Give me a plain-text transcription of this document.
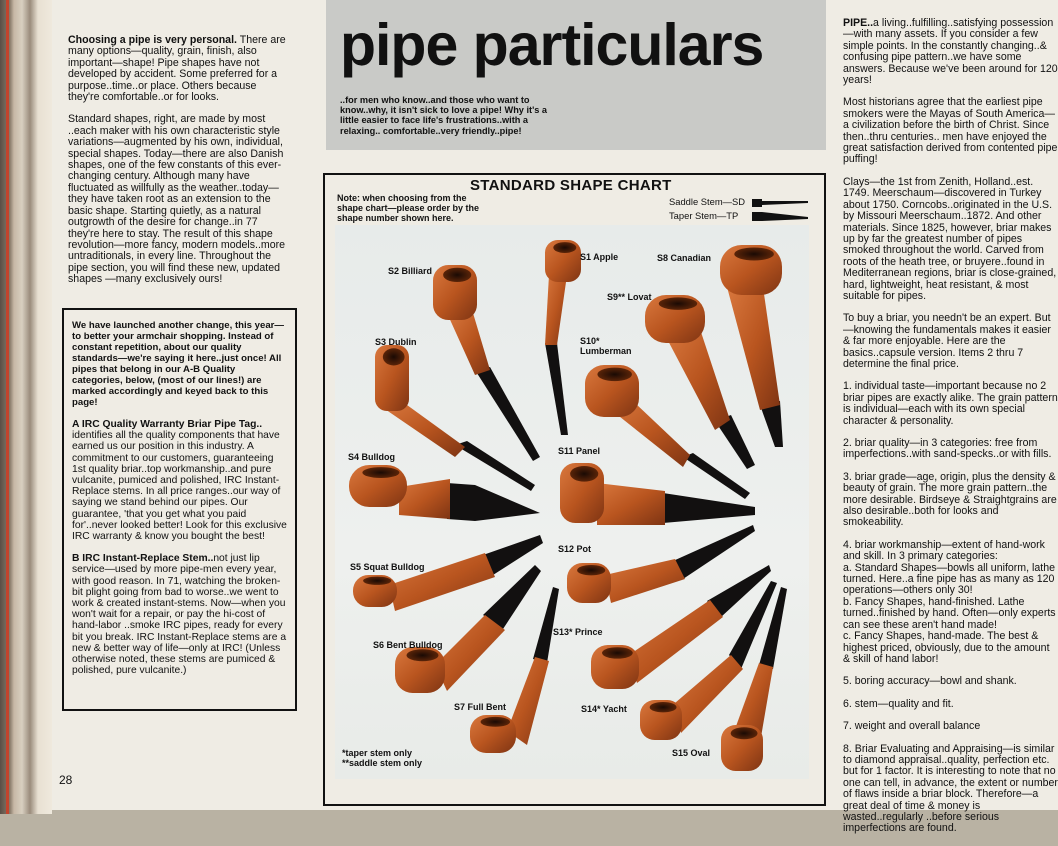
Choosing a pipe is very personal. There are many options—quality, grain, finish, also important—shape! Pipe shapes have not developed by accident. Some preferred for a purpose..time..or place. Others because they're comfortable..or for looks.

Standard shapes, right, are made by most ..each maker with his own characteristic style variations—augmented by his own, individual, special shapes. Today—there are also Danish shapes, one of the few constants of this ever-changing century. Although many have fluctuated as willfully as the weather..today—they have taken root as an extension to the basic shape. Starting quietly, as a natural outgrowth of the desire for change..in 77 they're here to stay. The result of this shape revolution—more fancy, modern models..more untraditionals, in every line. Throughout the pipe section, you will find these new, updated shapes —many exclusively ours!

We have launched another change, this year—to better your armchair shopping. Instead of constant repetition, about our quality standards—we're saying it here..just once! All pipes that belong in our A-B Quality categories, below, (most of our lines!) are marked accordingly and keyed back to this page!

A IRC Quality Warranty Briar Pipe Tag.. identifies all the quality components that have earned us our position in this industry. A commitment to our customers, guaranteeing 1st quality briar..top workmanship..and pure vulcanite, pumiced and polished, IRC Instant-Replace stems. In all price ranges..our way of saying we stand behind our pipes. Our guarantee, 'that you get what you paid for'..never looked better! Look for this exclusive IRC warranty & know you bought the best!

B IRC Instant-Replace Stem..not just lip service—used by more pipe-men every year, with good reason. In 71, watching the broken-bit plight going from bad to worse..we went to work & created instant-stems. Now—when you won't wait for a repair, or pay the hi-cost of hand-labor ..smoke IRC pipes, ready for every bit you break. IRC Instant-Replace stems are a new & better way of life—only at IRC! (Unless otherwise noted, these stems are pumiced & polished, pure vulcanite.)

28
pipe particulars
..for men who know..and those who want to know..why, it isn't sick to love a pipe! Why it's a little easier to face life's frustrations..with a relaxing.. comfortable..very friendly..pipe!
STANDARD SHAPE CHART
Note: when choosing from the shape chart—please order by the shape number shown here.
Saddle Stem—SD
Taper Stem—TP
S1 Apple
S2 Billiard
S3 Dublin
S4 Bulldog
S5 Squat Bulldog
S6 Bent Bulldog
S7 Full Bent
S8 Canadian
S9** Lovat
S10*
Lumberman
S11 Panel
S12 Pot
S13* Prince
S14* Yacht
S15 Oval
*taper stem only
**saddle stem only

PIPE..a living..fulfilling..satisfying possession—with many assets. If you consider a few simple points. In the constantly changing..& confusing pipe pattern..we have some answers. Because we've been around for 120 years!

Most historians agree that the earliest pipe smokers were the Mayas of South America—a civilization before the birth of Christ. Since then..thru centuries.. men have enjoyed the great satisfaction derived from contented pipe puffing!

Clays—the 1st from Zenith, Holland..est. 1749. Meerschaum—discovered in Turkey about 1750. Corncobs..originated in the U.S. by Missouri Meerschaum..1872. And other materials. Since 1825, however, briar makes up by far the greatest number of pipes smoked throughout the world. Carved from roots of the heath tree, or bruyere..found in Mediterranean regions, briar is close-grained, hard, lightweight, heat resistant, & most suitable for pipes.

To buy a briar, you needn't be an expert. But—knowing the fundamentals makes it easier & far more enjoyable. Here are the basics..capsule version. Items 2 thru 7 determine the final price.

1. individual taste—important because no 2 briar pipes are exactly alike. The grain pattern is individual—each with its own special character & personality.

2. briar quality—in 3 categories: free from imperfections..with sand-specks..or with fills.

3. briar grade—age, origin, plus the density & beauty of grain. The more grain pattern..the more desirable. Birdseye & Straightgrains are also desirable..both for looks and smokeability.

4. briar workmanship—extent of hand-work and skill. In 3 primary categories:
a. Standard Shapes—bowls all uniform, lathe turned. Here..a fine pipe has as many as 120 operations—others only 30!
b. Fancy Shapes, hand-finished. Lathe turned..finished by hand. Often—only experts can see these aren't hand made!
c. Fancy Shapes, hand-made. The best & highest priced, obviously, due to the amount & skill of hand labor!

5. boring accuracy—bowl and shank.

6. stem—quality and fit.

7. weight and overall balance

8. Briar Evaluating and Appraising—is similar to diamond appraisal..quality, perfection etc. but for 1 factor. It is interesting to note that no one can tell, in advance, the extent or number of flaws inside a briar block. Therefore—a great deal of time & money is wasted..regularly ..before serious imperfections are found.
